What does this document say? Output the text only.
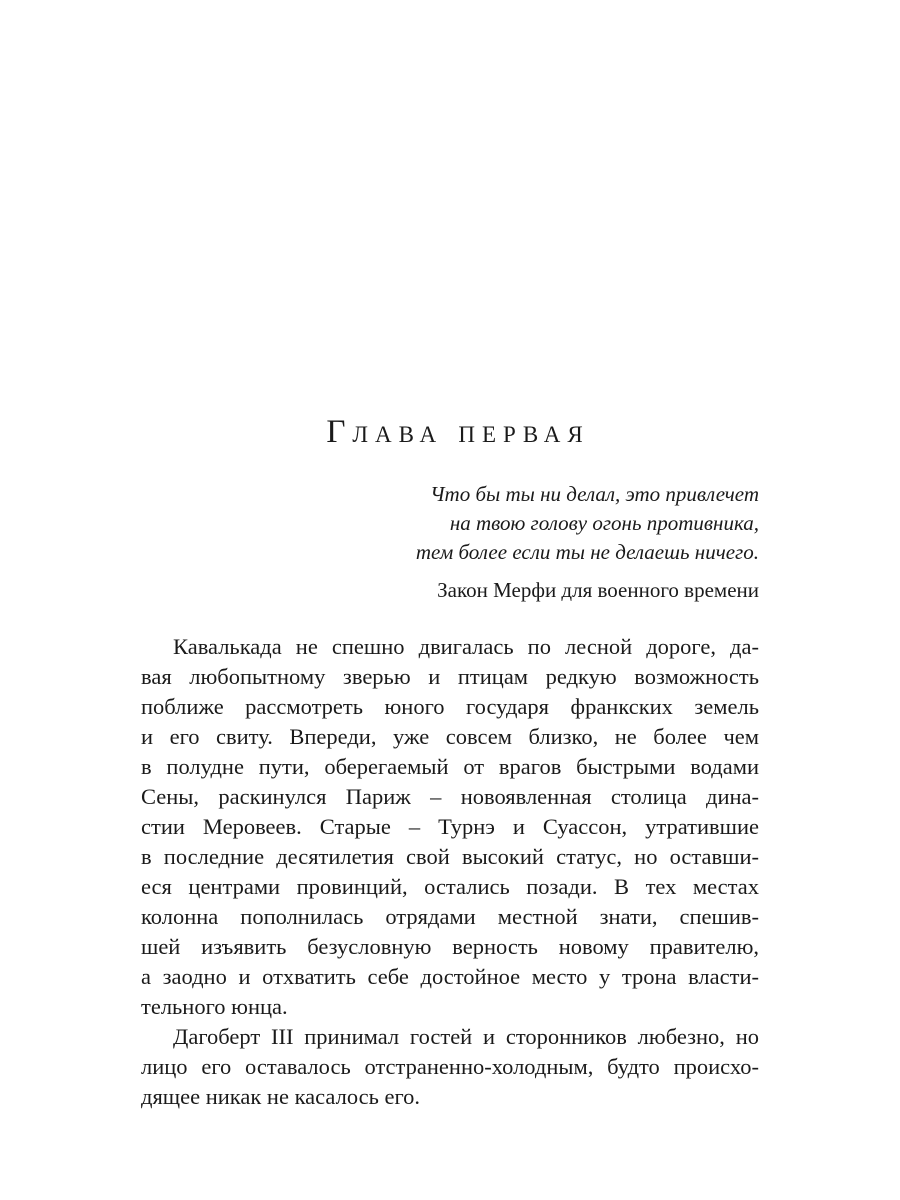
Глава первая
Что бы ты ни делал, это привлечет
на твою голову огонь противника,
тем более если ты не делаешь ничего.
Закон Мерфи для военного времени
Кавалькада не спешно двигалась по лесной дороге, да-
вая любопытному зверью и птицам редкую возможность
поближе рассмотреть юного государя франкских земель
и его свиту. Впереди, уже совсем близко, не более чем
в полудне пути, оберегаемый от врагов быстрыми водами
Сены, раскинулся Париж – новоявленная столица дина-
стии Меровеев. Старые – Турнэ и Суассон, утратившие
в последние десятилетия свой высокий статус, но оставши-
еся центрами провинций, остались позади. В тех местах
колонна пополнилась отрядами местной знати, спешив-
шей изъявить безусловную верность новому правителю,
а заодно и отхватить себе достойное место у трона власти-
тельного юнца.
Дагоберт III принимал гостей и сторонников любезно, но
лицо его оставалось отстраненно-холодным, будто происхо-
дящее никак не касалось его.
